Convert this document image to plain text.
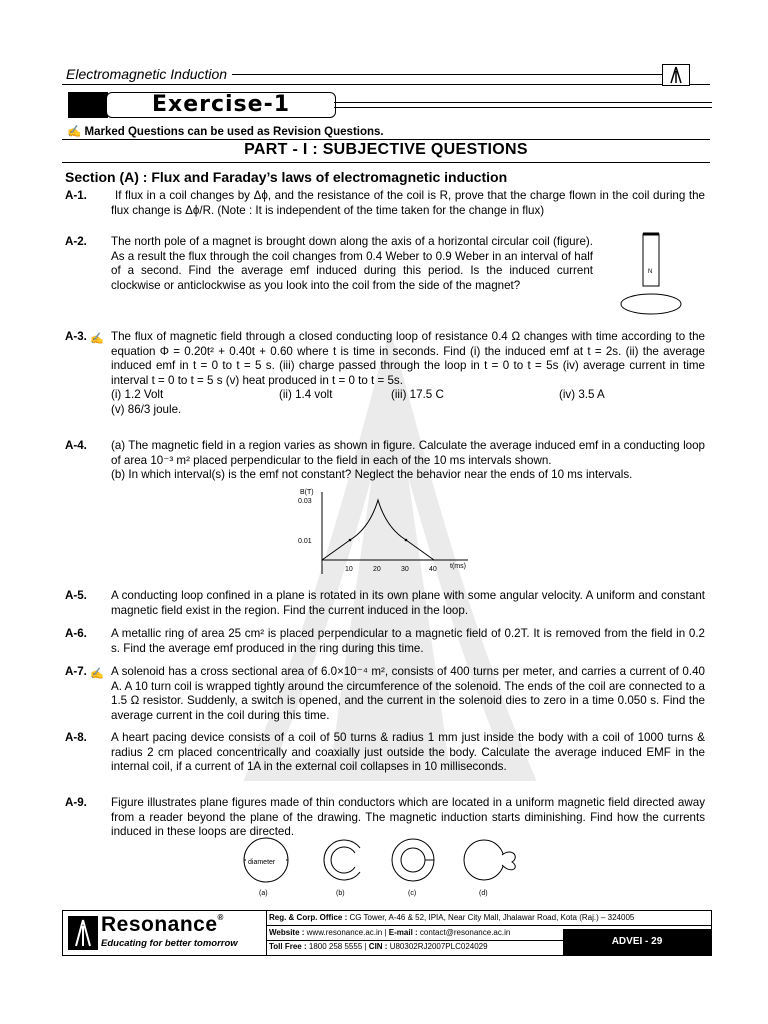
Electromagnetic Induction
Exercise-1
✍ Marked Questions can be used as Revision Questions.
PART - I : SUBJECTIVE QUESTIONS
Section (A) : Flux and Faraday’s laws of electromagnetic induction
A-1.	If flux in a coil changes by Δϕ, and the resistance of the coil is R, prove that the charge flown in the coil during the flux change is Δϕ/R. (Note : It is independent of the time taken for the change in flux)
A-2.	The north pole of a magnet is brought down along the axis of a horizontal circular coil (figure). As a result the flux through the coil changes from 0.4 Weber to 0.9 Weber in an interval of half of a second. Find the average emf induced during this period. Is the induced current clockwise or anticlockwise as you look into the coil from the side of the magnet?
N
A-3.	The flux of magnetic field through a closed conducting loop of resistance 0.4 Ω changes with time according to the equation Φ = 0.20t² + 0.40t + 0.60 where t is time in seconds. Find (i) the induced emf at t = 2s. (ii) the average induced emf in t = 0 to t = 5 s. (iii) charge passed through the loop in t = 0 to t = 5s (iv) average current in time interval t = 0 to t = 5 s (v) heat produced in t = 0 to t = 5s.
(i) 1.2 Volt	(ii) 1.4 volt	(iii) 17.5 C	(iv) 3.5 A
(v) 86/3 joule.
✍
A-4.	(a) The magnetic field in a region varies as shown in figure. Calculate the average induced emf in a conducting loop of area 10⁻³ m² placed perpendicular to the field in each of the 10 ms intervals shown.
(b) In which interval(s) is the emf not constant? Neglect the behavior near the ends of 10 ms intervals.
B(T)
t(ms)
10	20	30	40
0.01
0.03
A-5.	A conducting loop confined in a plane is rotated in its own plane with some angular velocity. A uniform and constant magnetic field exist in the region. Find the current induced in the loop.
A-6.	A metallic ring of area 25 cm² is placed perpendicular to a magnetic field of 0.2T. It is removed from the field in 0.2 s. Find the average emf produced in the ring during this time.
A-7.	A solenoid has a cross sectional area of 6.0×10⁻⁴ m², consists of 400 turns per meter, and carries a current of 0.40 A. A 10 turn coil is wrapped tightly around the circumference of the solenoid. The ends of the coil are connected to a 1.5 Ω resistor. Suddenly, a switch is opened, and the current in the solenoid dies to zero in a time 0.050 s. Find the average current in the coil during this time.
✍
A-8.	A heart pacing device consists of a coil of 50 turns & radius 1 mm just inside the body with a coil of 1000 turns & radius 2 cm placed concentrically and coaxially just outside the body. Calculate the average induced EMF in the internal coil, if a current of 1A in the external coil collapses in 10 milliseconds.
A-9.	Figure illustrates plane figures made of thin conductors which are located in a uniform magnetic field directed away from a reader beyond the plane of the drawing. The magnetic induction starts diminishing. Find how the currents induced in these loops are directed.
diameter
(a)	(b)	(c)	(d)
Resonance®
Educating for better tomorrow
Reg. & Corp. Office : CG Tower, A-46 & 52, IPIA, Near City Mall, Jhalawar Road, Kota (Raj.) – 324005
Website : www.resonance.ac.in | E-mail : contact@resonance.ac.in
Toll Free : 1800 258 5555 | CIN : U80302RJ2007PLC024029	ADVEI - 29
